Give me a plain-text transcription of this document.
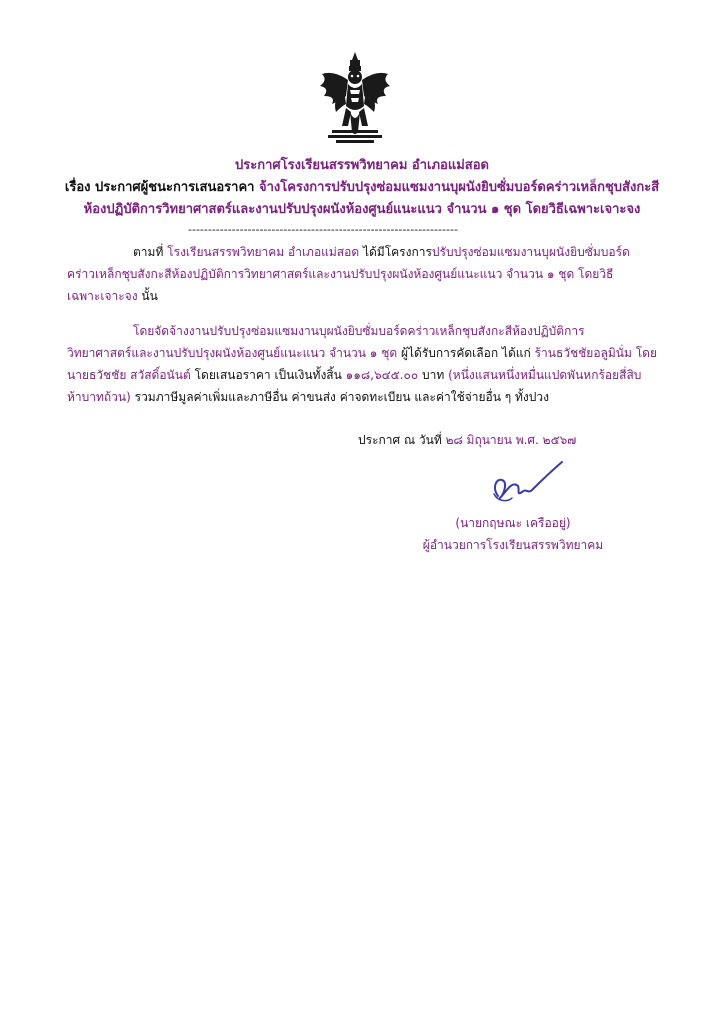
ประกาศโรงเรียนสรรพวิทยาคม อำเภอแม่สอด
เรื่อง ประกาศผู้ชนะการเสนอราคา จ้างโครงการปรับปรุงซ่อมแซมงานบุผนังยิบซั่มบอร์ดคร่าวเหล็กชุบสังกะสี
ห้องปฏิบัติการวิทยาศาสตร์และงานปรับปรุงผนังห้องศูนย์แนะแนว จำนวน ๑ ชุด โดยวิธีเฉพาะเจาะจง
--------------------------------------------------------------------
ตามที่ โรงเรียนสรรพวิทยาคม อำเภอแม่สอด ได้มีโครงการปรับปรุงซ่อมแซมงานบุผนังยิบซั่มบอร์ด
คร่าวเหล็กชุบสังกะสีห้องปฏิบัติการวิทยาศาสตร์และงานปรับปรุงผนังห้องศูนย์แนะแนว จำนวน ๑ ชุด โดยวิธี
เฉพาะเจาะจง นั้น
โดยจัดจ้างงานปรับปรุงซ่อมแซมงานบุผนังยิบซั่มบอร์ดคร่าวเหล็กชุบสังกะสีห้องปฏิบัติการ
วิทยาศาสตร์และงานปรับปรุงผนังห้องศูนย์แนะแนว จำนวน ๑ ชุด ผู้ได้รับการคัดเลือก ได้แก่ ร้านธวัชชัยอลูมินั่ม โดย
นายธวัชชัย สวัสดิ์อนันต์ โดยเสนอราคา เป็นเงินทั้งสิ้น ๑๑๘,๖๔๕.๐๐ บาท (หนึ่งแสนหนึ่งหมื่นแปดพันหกร้อยสี่สิบ
ห้าบาทถ้วน) รวมภาษีมูลค่าเพิ่มและภาษีอื่น ค่าขนส่ง ค่าจดทะเบียน และค่าใช้จ่ายอื่น ๆ ทั้งปวง
ประกาศ ณ วันที่ ๒๘ มิถุนายน พ.ศ. ๒๕๖๗
(นายกฤษณะ เครืออยู่)
ผู้อำนวยการโรงเรียนสรรพวิทยาคม
